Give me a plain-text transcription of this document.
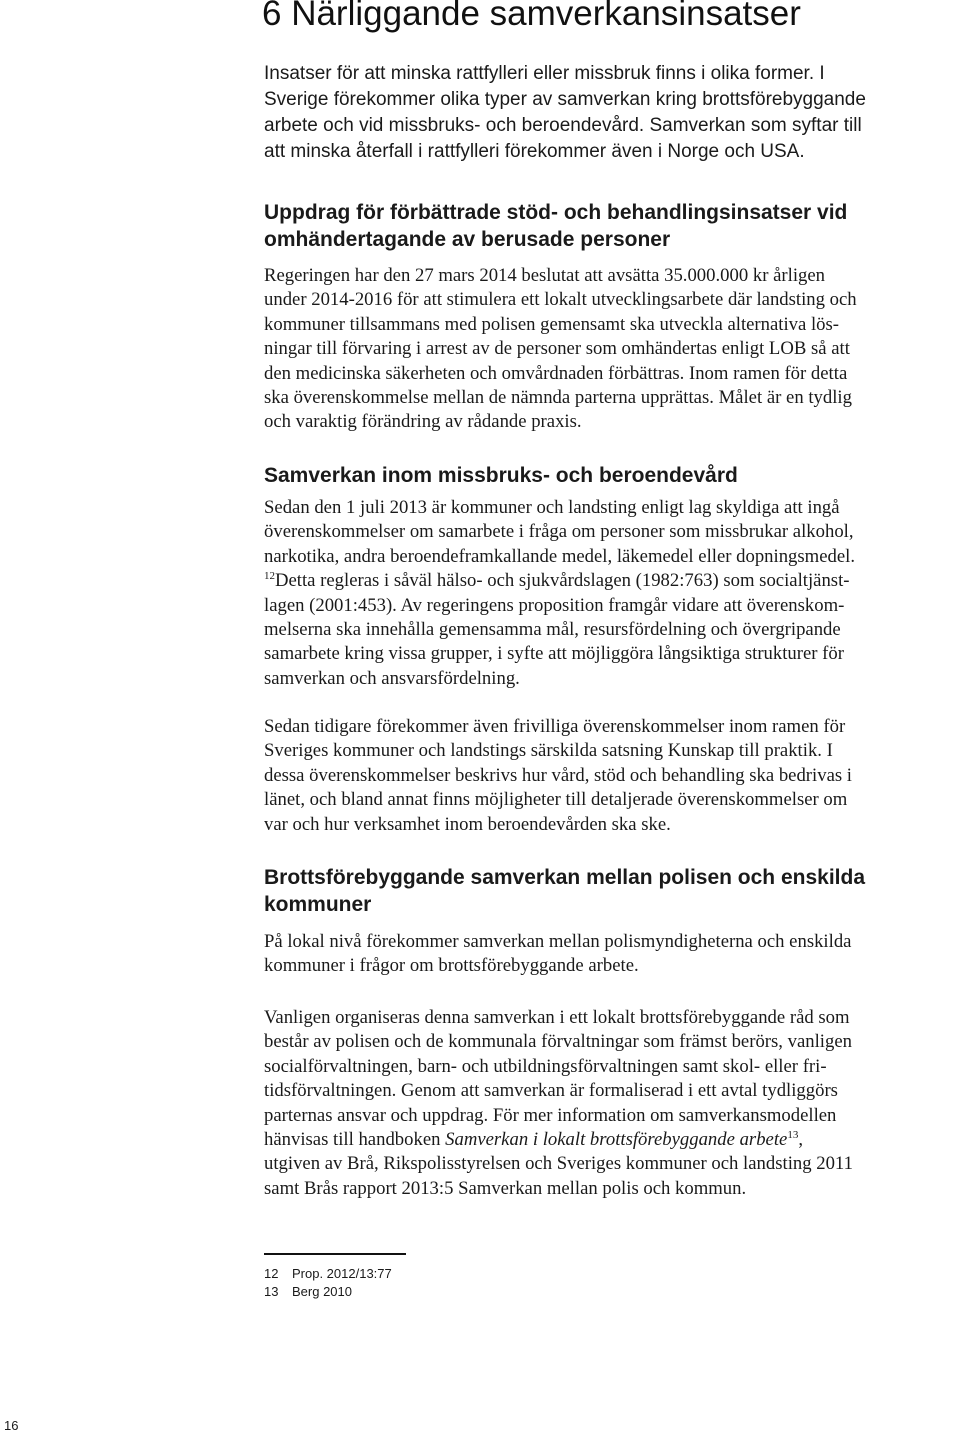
6 Närliggande samverkansinsatser
Insatser för att minska rattfylleri eller missbruk finns i olika former. I
Sverige förekommer olika typer av samverkan kring brottsförebyggande
arbete och vid missbruks- och beroendevård. Samverkan som syftar till
att minska återfall i rattfylleri förekommer även i Norge och USA.
Uppdrag för förbättrade stöd- och behandlingsinsatser vid
omhändertagande av berusade personer
Regeringen har den 27 mars 2014 beslutat att avsätta 35.000.000 kr årligen
under 2014-2016 för att stimulera ett lokalt utvecklingsarbete där landsting och
kommuner tillsammans med polisen gemensamt ska utveckla alternativa lös-
ningar till förvaring i arrest av de personer som omhändertas enligt LOB så att
den medicinska säkerheten och omvårdnaden förbättras. Inom ramen för detta
ska överenskommelse mellan de nämnda parterna upprättas. Målet är en tydlig
och varaktig förändring av rådande praxis.
Samverkan inom missbruks- och beroendevård
Sedan den 1 juli 2013 är kommuner och landsting enligt lag skyldiga att ingå
överenskommelser om samarbete i fråga om personer som missbrukar alkohol,
narkotika, andra beroendeframkallande medel, läkemedel eller dopningsmedel.
$^{12}$Detta regleras i såväl hälso- och sjukvårdslagen (1982:763) som socialtjänst-
lagen (2001:453). Av regeringens proposition framgår vidare att överenskom-
melserna ska innehålla gemensamma mål, resursfördelning och övergripande
samarbete kring vissa grupper, i syfte att möjliggöra långsiktiga strukturer för
samverkan och ansvarsfördelning.
Sedan tidigare förekommer även frivilliga överenskommelser inom ramen för
Sveriges kommuner och landstings särskilda satsning Kunskap till praktik. I
dessa överenskommelser beskrivs hur vård, stöd och behandling ska bedrivas i
länet, och bland annat finns möjligheter till detaljerade överenskommelser om
var och hur verksamhet inom beroendevården ska ske.
Brottsförebyggande samverkan mellan polisen och enskilda
kommuner
På lokal nivå förekommer samverkan mellan polismyndigheterna och enskilda
kommuner i frågor om brottsförebyggande arbete.
Vanligen organiseras denna samverkan i ett lokalt brottsförebyggande råd som
består av polisen och de kommunala förvaltningar som främst berörs, vanligen
socialförvaltningen, barn- och utbildningsförvaltningen samt skol- eller fri-
tidsförvaltningen. Genom att samverkan är formaliserad i ett avtal tydliggörs
parternas ansvar och uppdrag. För mer information om samverkansmodellen
hänvisas till handboken Samverkan i lokalt brottsförebyggande arbete$^{13}$,
utgiven av Brå, Rikspolisstyrelsen och Sveriges kommuner och landsting 2011
samt Brås rapport 2013:5 Samverkan mellan polis och kommun.
12 Prop. 2012/13:77
13 Berg 2010
16
